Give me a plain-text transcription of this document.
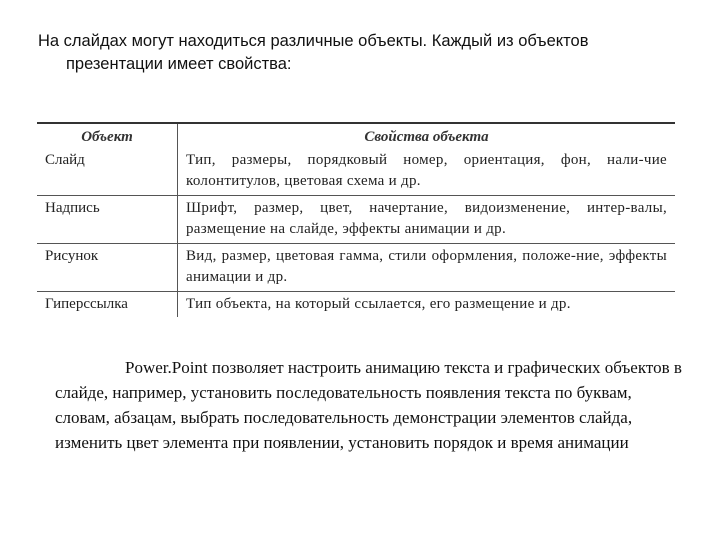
На слайдах могут находиться различные объекты. Каждый из объектов
презентации имеет свойства:
Объект	Свойства объекта
Слайд	Тип, размеры, порядковый номер, ориентация, фон, нали-чие колонтитулов, цветовая схема и др.
Надпись	Шрифт, размер, цвет, начертание, видоизменение, интер-валы, размещение на слайде, эффекты анимации и др.
Рисунок	Вид, размер, цветовая гамма, стили оформления, положе-ние, эффекты анимации и др.
Гиперссылка	Тип объекта, на который ссылается, его размещение и др.
Power.Point позволяет настроить анимацию текста и графических объектов в слайде, например, установить последовательность появления текста по буквам, словам, абзацам, выбрать последовательность демонстрации элементов слайда, изменить цвет элемента при появлении, установить порядок и время анимации
